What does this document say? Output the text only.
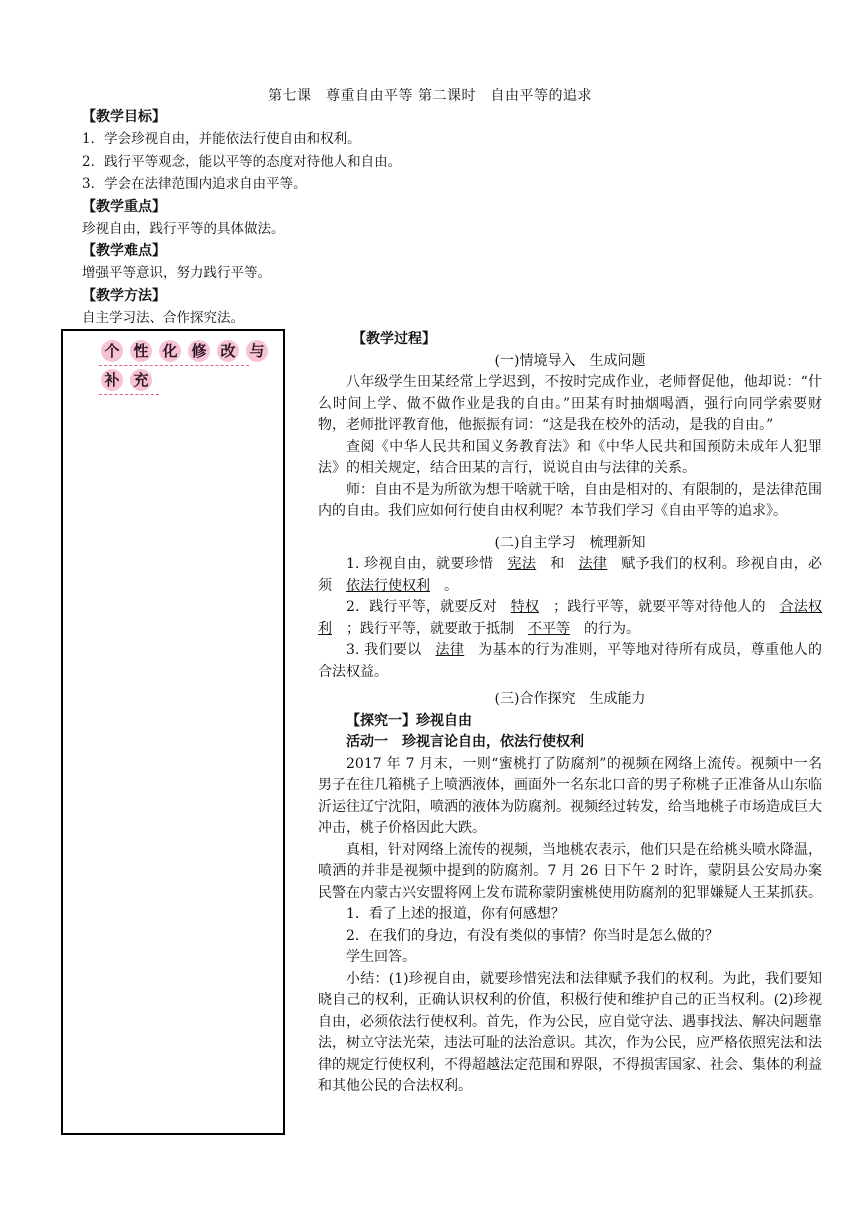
第七课　尊重自由平等 第二课时　自由平等的追求
【教学目标】
1．学会珍视自由，并能依法行使自由和权利。
2．践行平等观念，能以平等的态度对待他人和自由。
3．学会在法律范围内追求自由平等。
【教学重点】
珍视自由，践行平等的具体做法。
【教学难点】
增强平等意识，努力践行平等。
【教学方法】
自主学习法、合作探究法。
个 性 化 修 改 与
补 充

【教学过程】

(一)情境导入　生成问题

八年级学生田某经常上学迟到，不按时完成作业，老师督促他，他却说：“什么时间上学、做不做作业是我的自由。”田某有时抽烟喝酒，强行向同学索要财物，老师批评教育他，他振振有词：“这是我在校外的活动，是我的自由。”

查阅《中华人民共和国义务教育法》和《中华人民共和国预防未成年人犯罪法》的相关规定，结合田某的言行，说说自由与法律的关系。

师：自由不是为所欲为想干啥就干啥，自由是相对的、有限制的，是法律范围内的自由。我们应如何行使自由权利呢？本节我们学习《自由平等的追求》。

(二)自主学习　梳理新知

1. 珍视自由，就要珍惜 宪法 和 法律 赋予我们的权利。珍视自由，必须 依法行使权利 。

2．践行平等，就要反对 特权 ；践行平等，就要平等对待他人的 合法权利 ；践行平等，就要敢于抵制 不平等 的行为。

3. 我们要以 法律 为基本的行为准则，平等地对待所有成员，尊重他人的合法权益。

(三)合作探究　生成能力

【探究一】珍视自由

活动一　珍视言论自由，依法行使权利

2017 年 7 月末，一则“蜜桃打了防腐剂”的视频在网络上流传。视频中一名男子在往几箱桃子上喷洒液体，画面外一名东北口音的男子称桃子正准备从山东临沂运往辽宁沈阳，喷洒的液体为防腐剂。视频经过转发，给当地桃子市场造成巨大冲击，桃子价格因此大跌。

真相，针对网络上流传的视频，当地桃农表示，他们只是在给桃头喷水降温，喷洒的并非是视频中提到的防腐剂。7 月 26 日下午 2 时许，蒙阴县公安局办案民警在内蒙古兴安盟将网上发布谎称蒙阴蜜桃使用防腐剂的犯罪嫌疑人王某抓获。

1．看了上述的报道，你有何感想？

2．在我们的身边，有没有类似的事情？你当时是怎么做的？

学生回答。

小结：(1)珍视自由，就要珍惜宪法和法律赋予我们的权利。为此，我们要知晓自己的权利，正确认识权利的价值，积极行使和维护自己的正当权利。(2)珍视自由，必须依法行使权利。首先，作为公民，应自觉守法、遇事找法、解决问题靠法，树立守法光荣，违法可耻的法治意识。其次，作为公民，应严格依照宪法和法律的规定行使权利，不得超越法定范围和界限，不得损害国家、社会、集体的利益和其他公民的合法权利。
